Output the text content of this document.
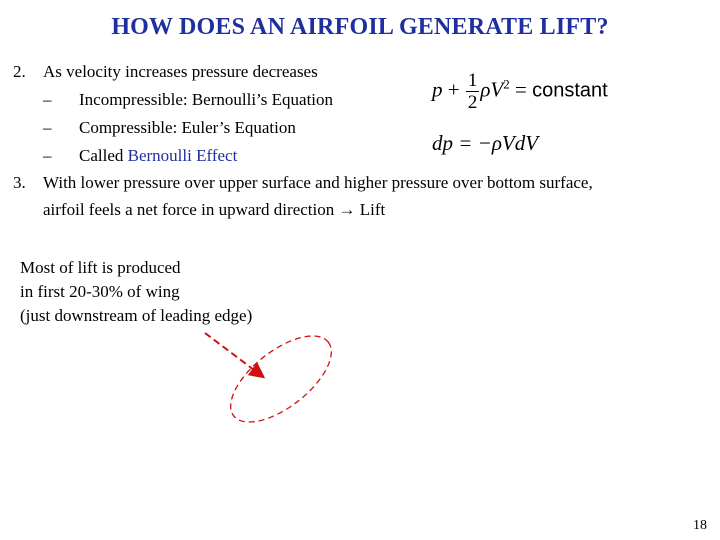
HOW DOES AN AIRFOIL GENERATE LIFT?
2. As velocity increases pressure decreases
– Incompressible: Bernoulli’s Equation
– Compressible: Euler’s Equation
– Called Bernoulli Effect
$p + \frac{1}{2} \rho V^2$ = constant
dp = −ρVdV
3. With lower pressure over upper surface and higher pressure over bottom surface,
airfoil feels a net force in upward direction → Lift
Most of lift is produced
in first 20-30% of wing
(just downstream of leading edge)
18
